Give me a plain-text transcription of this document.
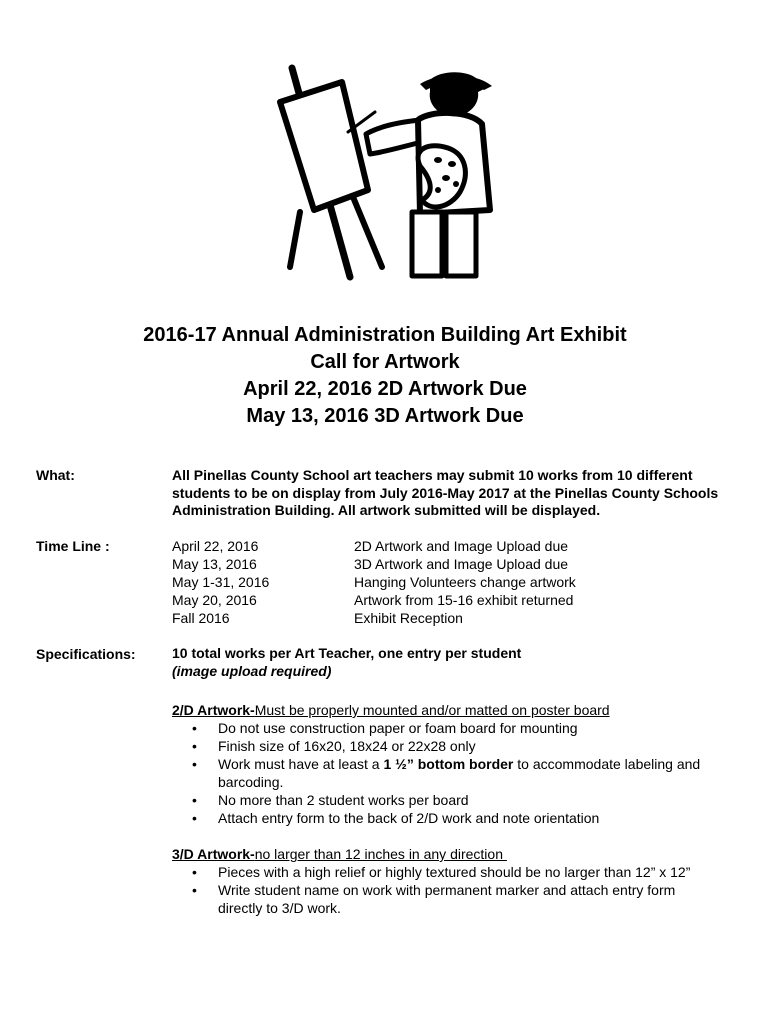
2016-17 Annual Administration Building Art Exhibit
Call for Artwork
April 22, 2016 2D Artwork Due
May 13, 2016 3D Artwork Due
What:	All Pinellas County School art teachers may submit 10 works from 10 different students to be on display from July 2016-May 2017 at the Pinellas County Schools Administration Building. All artwork submitted will be displayed.
Time Line :	April 22, 2016	2D Artwork and Image Upload due
May 13, 2016	3D Artwork and Image Upload due
May 1-31, 2016	Hanging Volunteers change artwork
May 20, 2016	Artwork from 15-16 exhibit returned
Fall 2016	Exhibit Reception
Specifications:	10 total works per Art Teacher, one entry per student
(image upload required)
2/D Artwork-Must be properly mounted and/or matted on poster board
• Do not use construction paper or foam board for mounting
• Finish size of 16x20, 18x24 or 22x28 only
• Work must have at least a 1 ½” bottom border to accommodate labeling and barcoding.
• No more than 2 student works per board
• Attach entry form to the back of 2/D work and note orientation
3/D Artwork-no larger than 12 inches in any direction
• Pieces with a high relief or highly textured should be no larger than 12” x 12”
• Write student name on work with permanent marker and attach entry form directly to 3/D work.
